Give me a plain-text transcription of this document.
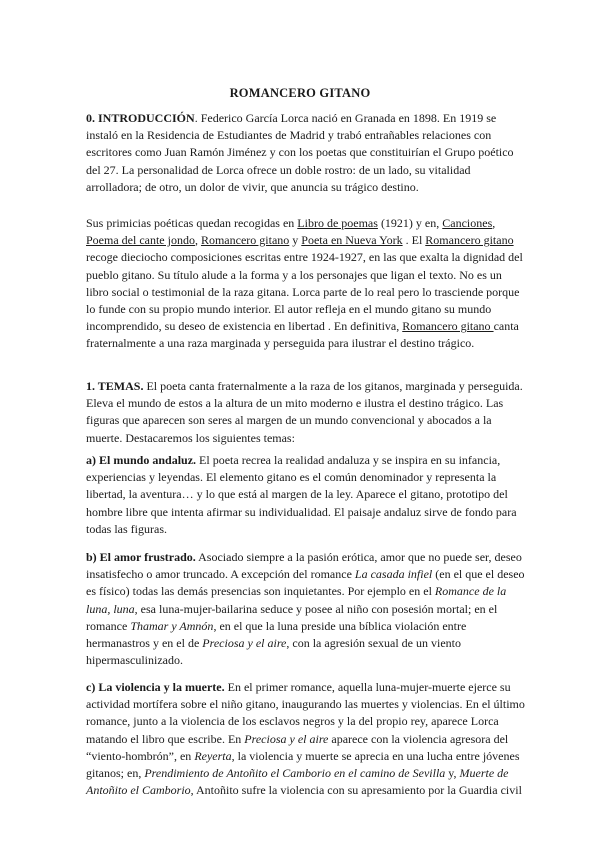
ROMANCERO GITANO
0. INTRODUCCIÓN. Federico García Lorca nació en Granada en 1898. En 1919 se instaló en la Residencia de Estudiantes de Madrid y trabó entrañables relaciones con escritores como Juan Ramón Jiménez y con los poetas que constituirían el Grupo poético del 27. La personalidad de Lorca ofrece un doble rostro: de un lado, su vitalidad arrolladora; de otro, un dolor de vivir, que anuncia su trágico destino.
Sus primicias poéticas quedan recogidas en Libro de poemas (1921) y en, Canciones, Poema del cante jondo, Romancero gitano y Poeta en Nueva York . El Romancero gitano recoge dieciocho composiciones escritas entre 1924-1927, en las que exalta la dignidad del pueblo gitano. Su título alude a la forma y a los personajes que ligan el texto. No es un libro social o testimonial de la raza gitana. Lorca parte de lo real pero lo trasciende porque lo funde con su propio mundo interior. El autor refleja en el mundo gitano su mundo incomprendido, su deseo de existencia en libertad . En definitiva, Romancero gitano canta fraternalmente a una raza marginada y perseguida para ilustrar el destino trágico.
1. TEMAS. El poeta canta fraternalmente a la raza de los gitanos, marginada y perseguida. Eleva el mundo de estos a la altura de un mito moderno e ilustra el destino trágico. Las figuras que aparecen son seres al margen de un mundo convencional y abocados a la muerte. Destacaremos los siguientes temas:
a) El mundo andaluz. El poeta recrea la realidad andaluza y se inspira en su infancia, experiencias y leyendas. El elemento gitano es el común denominador y representa la libertad, la aventura… y lo que está al margen de la ley. Aparece el gitano, prototipo del hombre libre que intenta afirmar su individualidad. El paisaje andaluz sirve de fondo para todas las figuras.
b) El amor frustrado. Asociado siempre a la pasión erótica, amor que no puede ser, deseo insatisfecho o amor truncado. A excepción del romance La casada infiel (en el que el deseo es físico) todas las demás presencias son inquietantes. Por ejemplo en el Romance de la luna, luna, esa luna-mujer-bailarina seduce y posee al niño con posesión mortal; en el romance Thamar y Amnón, en el que la luna preside una bíblica violación entre hermanastros y en el de Preciosa y el aire, con la agresión sexual de un viento hipermasculinizado.
c) La violencia y la muerte. En el primer romance, aquella luna-mujer-muerte ejerce su actividad mortífera sobre el niño gitano, inaugurando las muertes y violencias. En el último romance, junto a la violencia de los esclavos negros y la del propio rey, aparece Lorca matando el libro que escribe. En Preciosa y el aire aparece con la violencia agresora del “viento-hombrón”, en Reyerta, la violencia y muerte se aprecia en una lucha entre jóvenes gitanos; en, Prendimiento de Antoñito el Camborio en el camino de Sevilla y, Muerte de Antoñito el Camborio, Antoñito sufre la violencia con su apresamiento por la Guardia civil
